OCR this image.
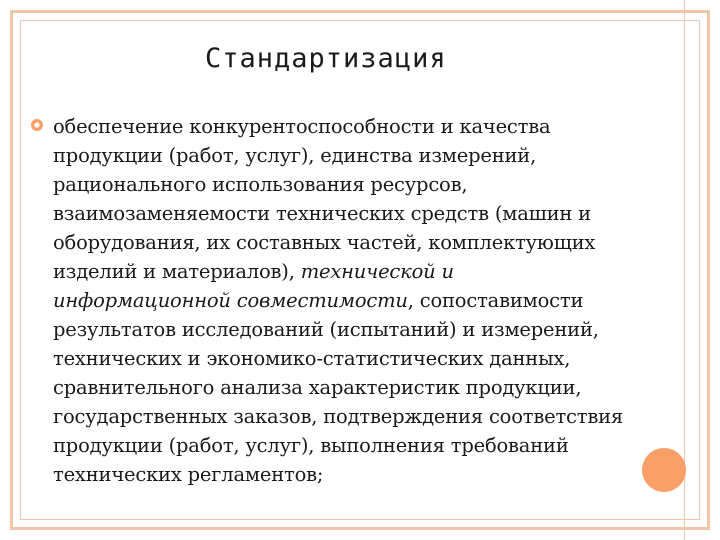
Стандартизация
обеспечение конкурентоспособности и качества
продукции (работ, услуг), единства измерений,
рационального использования ресурсов,
взаимозаменяемости технических средств (машин и
оборудования, их составных частей, комплектующих
изделий и материалов), технической и
информационной совместимости, сопоставимости
результатов исследований (испытаний) и измерений,
технических и экономико-статистических данных,
сравнительного анализа характеристик продукции,
государственных заказов, подтверждения соответствия
продукции (работ, услуг), выполнения требований
технических регламентов;
